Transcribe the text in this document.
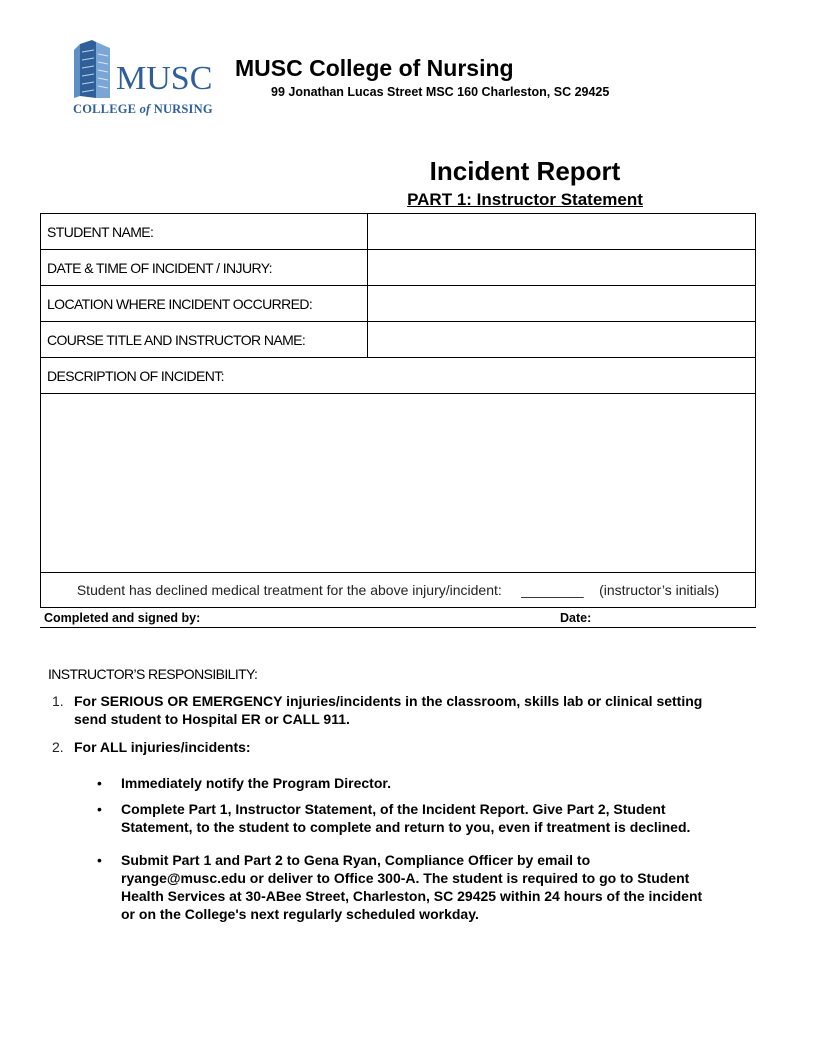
MUSC
COLLEGE of NURSING
MUSC College of Nursing
99 Jonathan Lucas Street MSC 160 Charleston, SC 29425
Incident Report
PART 1: Instructor Statement
STUDENT NAME:	
DATE & TIME OF INCIDENT / INJURY:	
LOCATION WHERE INCIDENT OCCURRED:	
COURSE TITLE AND INSTRUCTOR NAME:	
DESCRIPTION OF INCIDENT:	

Student has declined medical treatment for the above injury/incident: ________ (instructor’s initials)	
Completed and signed by:	Date:
INSTRUCTOR’S RESPONSIBILITY:
1. For SERIOUS OR EMERGENCY injuries/incidents in the classroom, skills lab or clinical setting
send student to Hospital ER or CALL 911.
2. For ALL injuries/incidents:
• Immediately notify the Program Director.
• Complete Part 1, Instructor Statement, of the Incident Report. Give Part 2, Student
Statement, to the student to complete and return to you, even if treatment is declined.
• Submit Part 1 and Part 2 to Gena Ryan, Compliance Officer by email to
ryange@musc.edu or deliver to Office 300-A. The student is required to go to Student
Health Services at 30-ABee Street, Charleston, SC 29425 within 24 hours of the incident
or on the College's next regularly scheduled workday.
